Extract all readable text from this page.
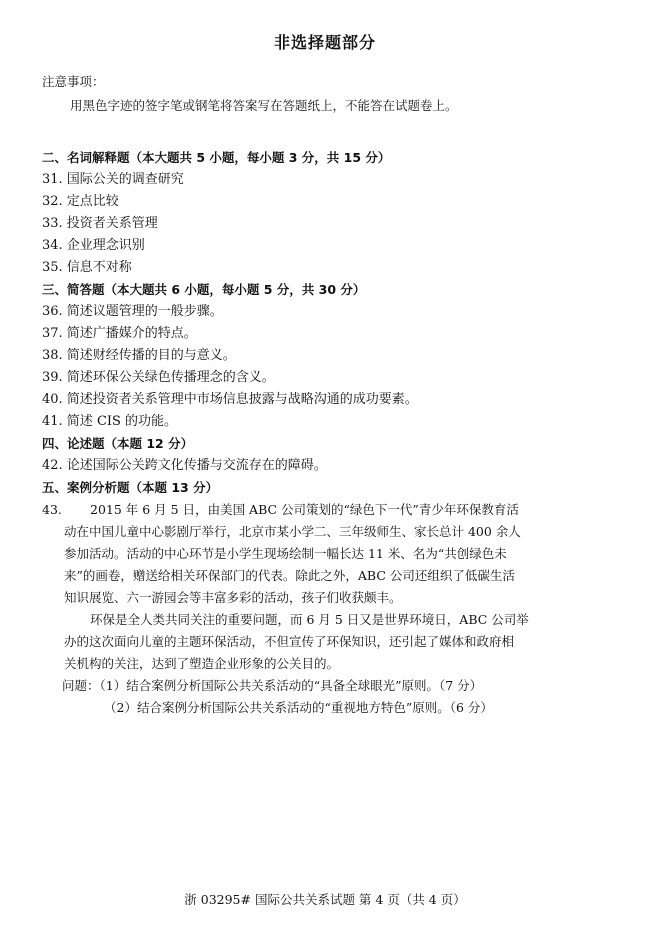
非选择题部分
注意事项：
用黑色字迹的签字笔或钢笔将答案写在答题纸上，不能答在试题卷上。
二、名词解释题（本大题共 5 小题，每小题 3 分，共 15 分）
31. 国际公关的调查研究
32. 定点比较
33. 投资者关系管理
34. 企业理念识别
35. 信息不对称
三、简答题（本大题共 6 小题，每小题 5 分，共 30 分）
36. 简述议题管理的一般步骤。
37. 简述广播媒介的特点。
38. 简述财经传播的目的与意义。
39. 简述环保公关绿色传播理念的含义。
40. 简述投资者关系管理中市场信息披露与战略沟通的成功要素。
41. 简述 CIS 的功能。
四、论述题（本题 12 分）
42. 论述国际公关跨文化传播与交流存在的障碍。
五、案例分析题（本题 13 分）
43. 2015 年 6 月 5 日，由美国 ABC 公司策划的“绿色下一代”青少年环保教育活
动在中国儿童中心影剧厅举行，北京市某小学二、三年级师生、家长总计 400 余人
参加活动。活动的中心环节是小学生现场绘制一幅长达 11 米、名为“共创绿色未
来”的画卷，赠送给相关环保部门的代表。除此之外，ABC 公司还组织了低碳生活
知识展览、六一游园会等丰富多彩的活动，孩子们收获颇丰。
环保是全人类共同关注的重要问题，而 6 月 5 日又是世界环境日，ABC 公司举
办的这次面向儿童的主题环保活动，不但宣传了环保知识，还引起了媒体和政府相
关机构的关注，达到了塑造企业形象的公关目的。
问题：（1）结合案例分析国际公共关系活动的“具备全球眼光”原则。（7 分）
（2）结合案例分析国际公共关系活动的“重视地方特色”原则。（6 分）
浙 03295# 国际公共关系试题 第 4 页（共 4 页）
